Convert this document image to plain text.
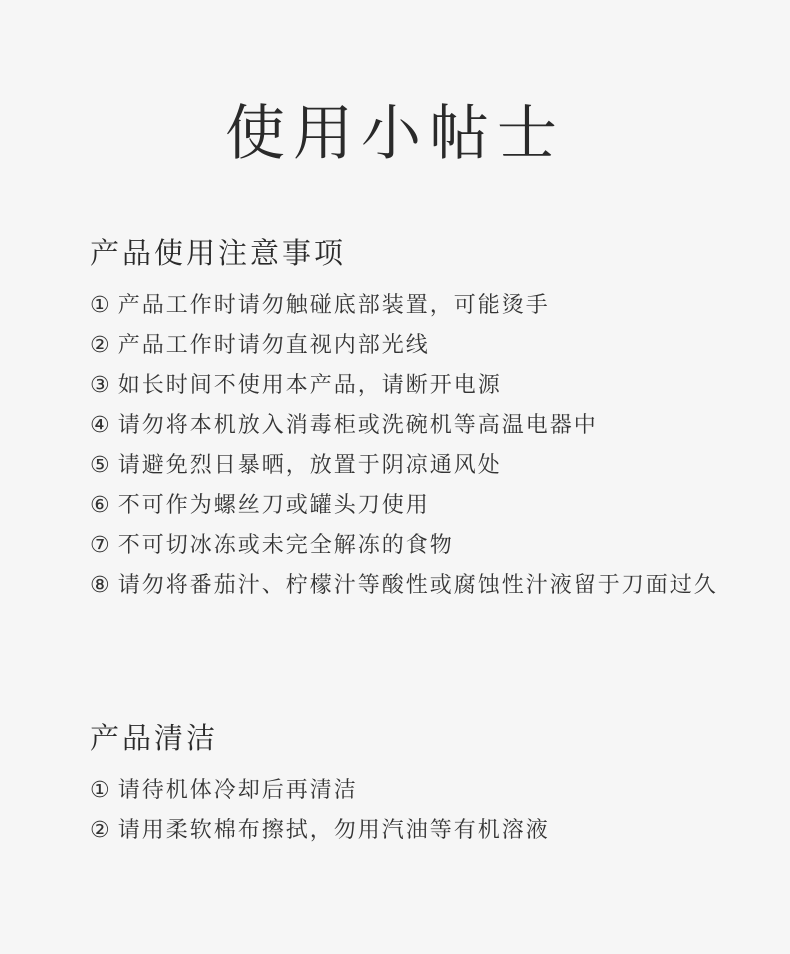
使用小帖士
产品使用注意事项
① 产品工作时请勿触碰底部装置，可能烫手
② 产品工作时请勿直视内部光线
③ 如长时间不使用本产品，请断开电源
④ 请勿将本机放入消毒柜或洗碗机等高温电器中
⑤ 请避免烈日暴晒，放置于阴凉通风处
⑥ 不可作为螺丝刀或罐头刀使用
⑦ 不可切冰冻或未完全解冻的食物
⑧ 请勿将番茄汁、柠檬汁等酸性或腐蚀性汁液留于刀面过久
产品清洁
① 请待机体冷却后再清洁
② 请用柔软棉布擦拭，勿用汽油等有机溶液
